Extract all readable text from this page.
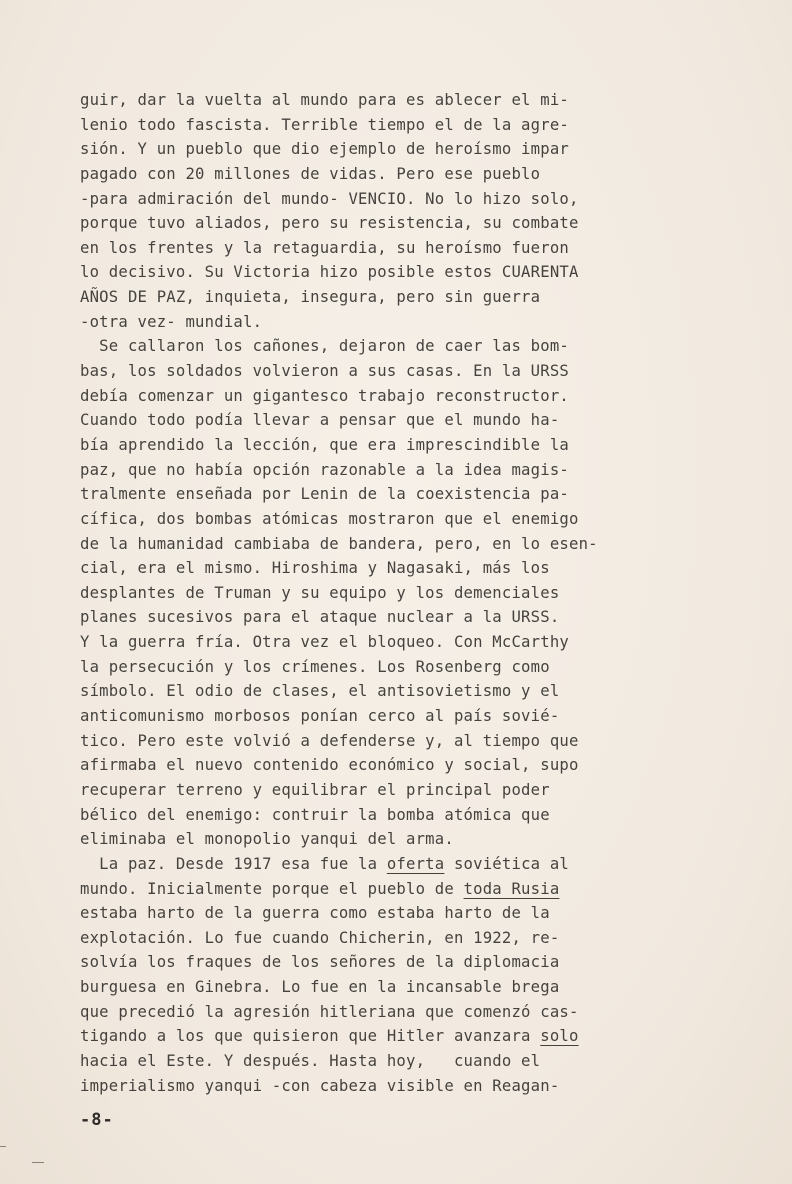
guir, dar la vuelta al mundo para es ablecer el mi-
lenio todo fascista. Terrible tiempo el de la agre-
sión. Y un pueblo que dio ejemplo de heroísmo impar
pagado con 20 millones de vidas. Pero ese pueblo
-para admiración del mundo- VENCIO. No lo hizo solo,
porque tuvo aliados, pero su resistencia, su combate
en los frentes y la retaguardia, su heroísmo fueron
lo decisivo. Su Victoria hizo posible estos CUARENTA
AÑOS DE PAZ, inquieta, insegura, pero sin guerra
-otra vez- mundial.
Se callaron los cañones, dejaron de caer las bom-
bas, los soldados volvieron a sus casas. En la URSS
debía comenzar un gigantesco trabajo reconstructor.
Cuando todo podía llevar a pensar que el mundo ha-
bía aprendido la lección, que era imprescindible la
paz, que no había opción razonable a la idea magis-
tralmente enseñada por Lenin de la coexistencia pa-
cífica, dos bombas atómicas mostraron que el enemigo
de la humanidad cambiaba de bandera, pero, en lo esen-
cial, era el mismo. Hiroshima y Nagasaki, más los
desplantes de Truman y su equipo y los demenciales
planes sucesivos para el ataque nuclear a la URSS.
Y la guerra fría. Otra vez el bloqueo. Con McCarthy
la persecución y los crímenes. Los Rosenberg como
símbolo. El odio de clases, el antisovietismo y el
anticomunismo morbosos ponían cerco al país sovié-
tico. Pero este volvió a defenderse y, al tiempo que
afirmaba el nuevo contenido económico y social, supo
recuperar terreno y equilibrar el principal poder
bélico del enemigo: contruir la bomba atómica que
eliminaba el monopolio yanqui del arma.
La paz. Desde 1917 esa fue la oferta soviética al
mundo. Inicialmente porque el pueblo de toda Rusia
estaba harto de la guerra como estaba harto de la
explotación. Lo fue cuando Chicherin, en 1922, re-
solvía los fraques de los señores de la diplomacia
burguesa en Ginebra. Lo fue en la incansable brega
que precedió la agresión hitleriana que comenzó cas-
tigando a los que quisieron que Hitler avanzara solo
hacia el Este. Y después. Hasta hoy,   cuando el
imperialismo yanqui -con cabeza visible en Reagan-
-8-
